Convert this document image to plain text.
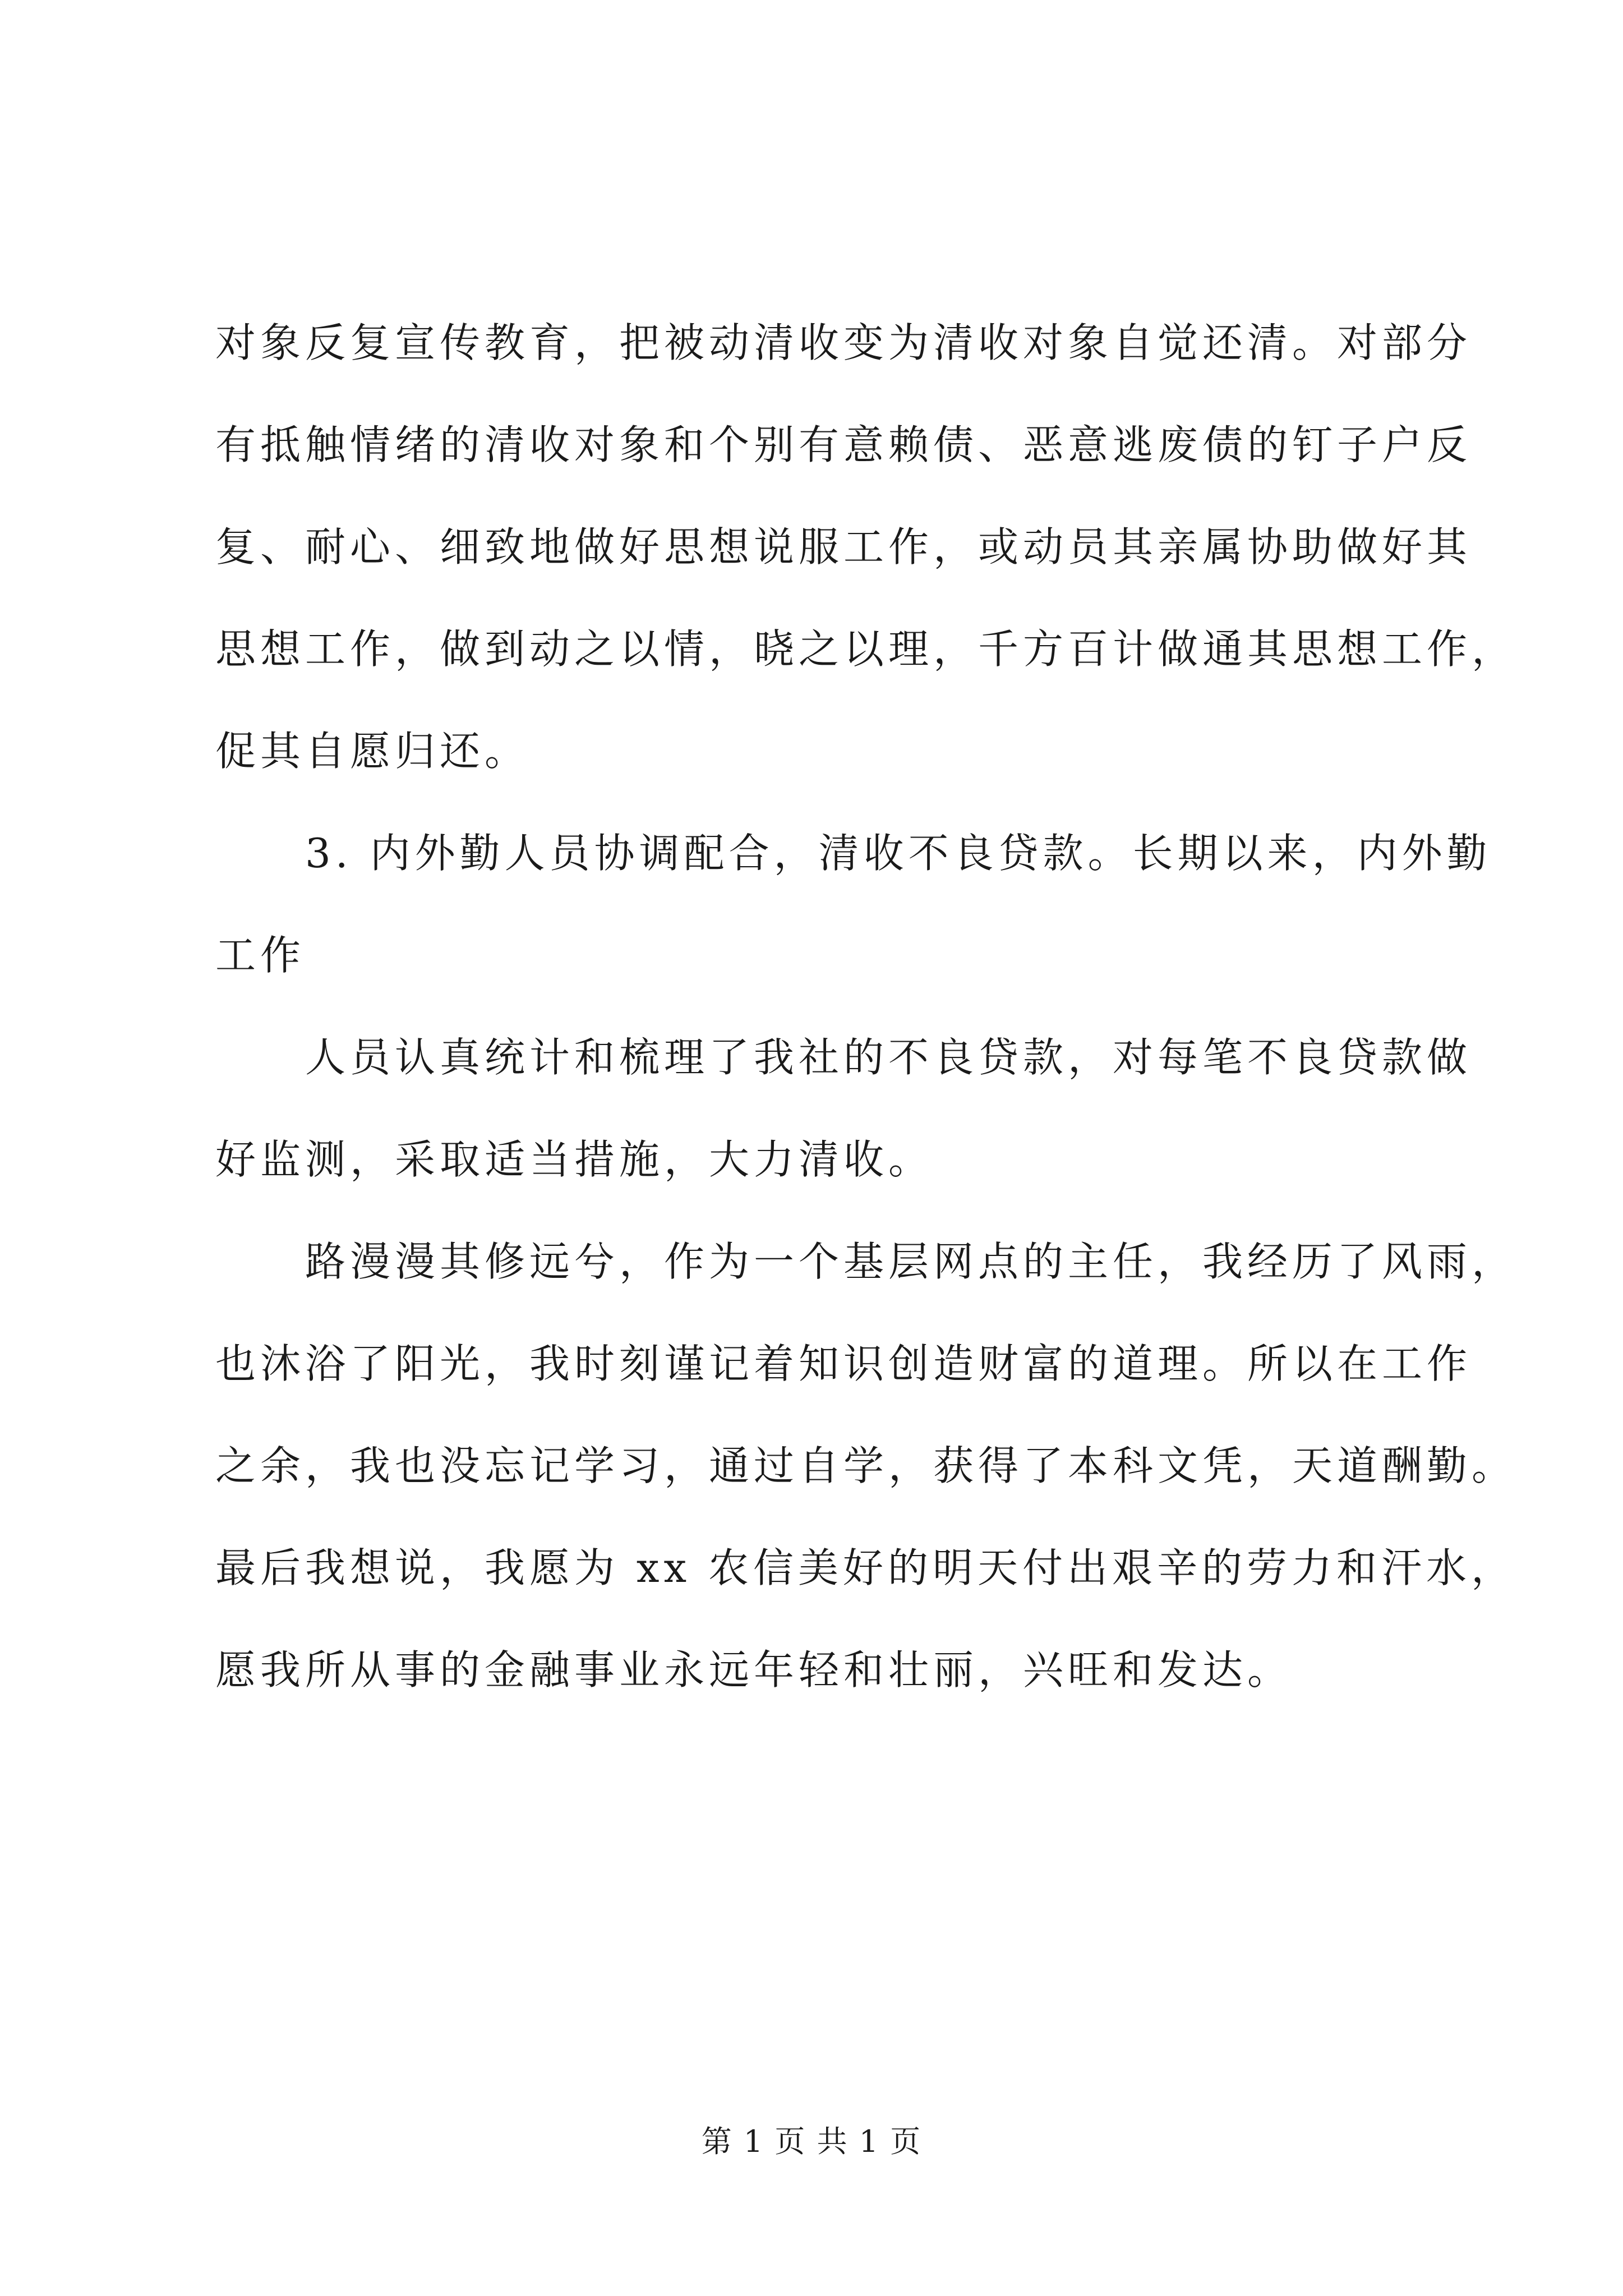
对象反复宣传教育，把被动清收变为清收对象自觉还清。对部分
有抵触情绪的清收对象和个别有意赖债、恶意逃废债的钉子户反
复、耐心、细致地做好思想说服工作，或动员其亲属协助做好其
思想工作，做到动之以情，晓之以理，千方百计做通其思想工作，
促其自愿归还。
3. 内外勤人员协调配合，清收不良贷款。长期以来，内外勤
工作
人员认真统计和梳理了我社的不良贷款，对每笔不良贷款做
好监测，采取适当措施，大力清收。
路漫漫其修远兮，作为一个基层网点的主任，我经历了风雨，
也沐浴了阳光，我时刻谨记着知识创造财富的道理。所以在工作
之余，我也没忘记学习，通过自学，获得了本科文凭，天道酬勤。
最后我想说，我愿为 xx 农信美好的明天付出艰辛的劳力和汗水，
愿我所从事的金融事业永远年轻和壮丽，兴旺和发达。
第 1 页 共 1 页
